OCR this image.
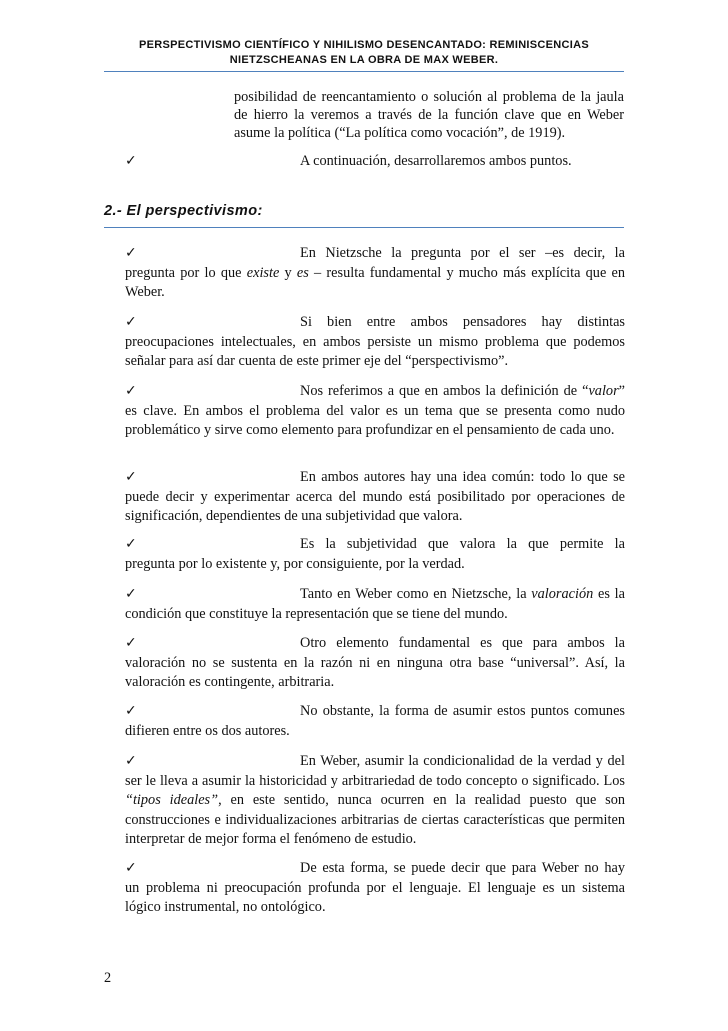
PERSPECTIVISMO CIENTÍFICO Y NIHILISMO DESENCANTADO: REMINISCENCIAS
NIETZSCHEANAS EN LA OBRA DE MAX WEBER.
posibilidad de reencantamiento o solución al problema de la jaula de hierro la veremos a través de la función clave que en Weber asume la política (“La política como vocación”, de 1919).
✓	A continuación, desarrollaremos ambos puntos.
2.- El perspectivismo:
✓	En Nietzsche la pregunta por el ser –es decir, la
pregunta por lo que existe y es – resulta fundamental y mucho más explícita que en Weber.
✓	Si bien entre ambos pensadores hay distintas
preocupaciones intelectuales, en ambos persiste un mismo problema que podemos señalar para así dar cuenta de este primer eje del “perspectivismo”.
✓	Nos referimos a que en ambos la definición de “valor”
es clave. En ambos el problema del valor es un tema que se presenta como nudo problemático y sirve como elemento para profundizar en el pensamiento de cada uno.
✓	En ambos autores hay una idea común: todo lo que se
puede decir y experimentar acerca del mundo está posibilitado por operaciones de significación, dependientes de una subjetividad que valora.
✓	Es la subjetividad que valora la que permite la
pregunta por lo existente y, por consiguiente, por la verdad.
✓	Tanto en Weber como en Nietzsche, la valoración es la
condición que constituye la representación que se tiene del mundo.
✓	Otro elemento fundamental es que para ambos la
valoración no se sustenta en la razón ni en ninguna otra base “universal”. Así, la valoración es contingente, arbitraria.
✓	No obstante, la forma de asumir estos puntos comunes
difieren entre os dos autores.
✓	En Weber, asumir la condicionalidad de la verdad y del
ser le lleva a asumir la historicidad y arbitrariedad de todo concepto o significado. Los “tipos ideales”, en este sentido, nunca ocurren en la realidad puesto que son construcciones e individualizaciones arbitrarias de ciertas características que permiten interpretar de mejor forma el fenómeno de estudio.
✓	De esta forma, se puede decir que para Weber no hay
un problema ni preocupación profunda por el lenguaje. El lenguaje es un sistema lógico instrumental, no ontológico.
2
